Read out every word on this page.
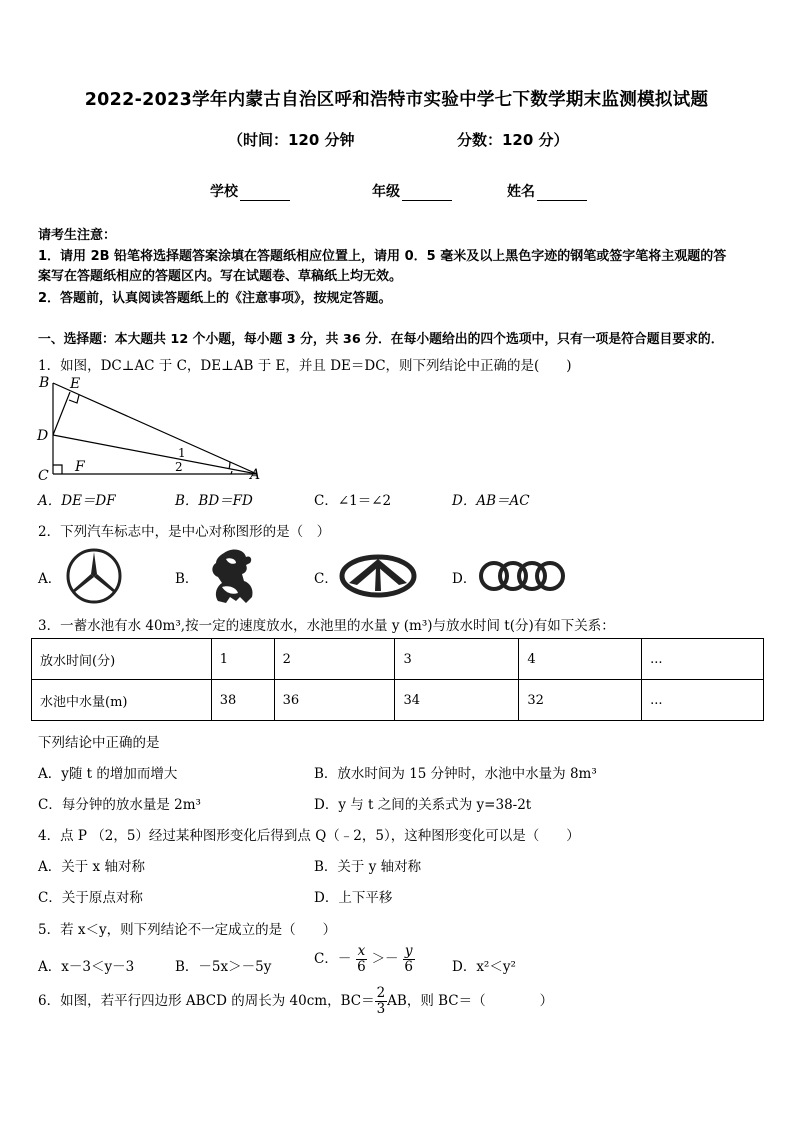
2022-2023学年内蒙古自治区呼和浩特市实验中学七下数学期末监测模拟试题
（时间：120 分钟	分数：120 分）
学校	年级	姓名
请考生注意：
1．请用 2B 铅笔将选择题答案涂填在答题纸相应位置上，请用 0．5 毫米及以上黑色字迹的钢笔或签字笔将主观题的答
案写在答题纸相应的答题区内。写在试题卷、草稿纸上均无效。
2．答题前，认真阅读答题纸上的《注意事项》，按规定答题。
一、选择题：本大题共 12 个小题，每小题 3 分，共 36 分．在每小题给出的四个选项中，只有一项是符合题目要求的．
1．如图，DC⊥AC 于 C，DE⊥AB 于 E，并且 DE＝DC，则下列结论中正确的是(　　)
B E
D
C
F	A
1
2
A．DE＝DF	B．BD＝FD	C．∠1＝∠2	D．AB＝AC
2．下列汽车标志中，是中心对称图形的是（　）
A．	B．	C．	D．
3．一蓄水池有水 40m³,按一定的速度放水，水池里的水量 y (m³)与放水时间 t(分)有如下关系：
放水时间(分)	1	2	3	4	...
水池中水量(m)	38	36	34	32	...
下列结论中正确的是
A．y随 t 的增加而增大	B．放水时间为 15 分钟时，水池中水量为 8m³
C．每分钟的放水量是 2m³	D．y 与 t 之间的关系式为 y=38-2t
4．点 P （2，5）经过某种图形变化后得到点 Q（﹣2，5），这种图形变化可以是（　　）
A．关于 x 轴对称	B．关于 y 轴对称
C．关于原点对称	D．上下平移
5．若 x＜y，则下列结论不一定成立的是（　　）
A．x－3＜y－3	B．－5x＞－5y	C．－ $\frac{x}{6} >- \frac{y}{6}$	D．x²＜y²
6．如图，若平行四边形 ABCD 的周长为 40cm，$BC= \frac{2}{3}$ AB，则 BC＝（　　　　）
